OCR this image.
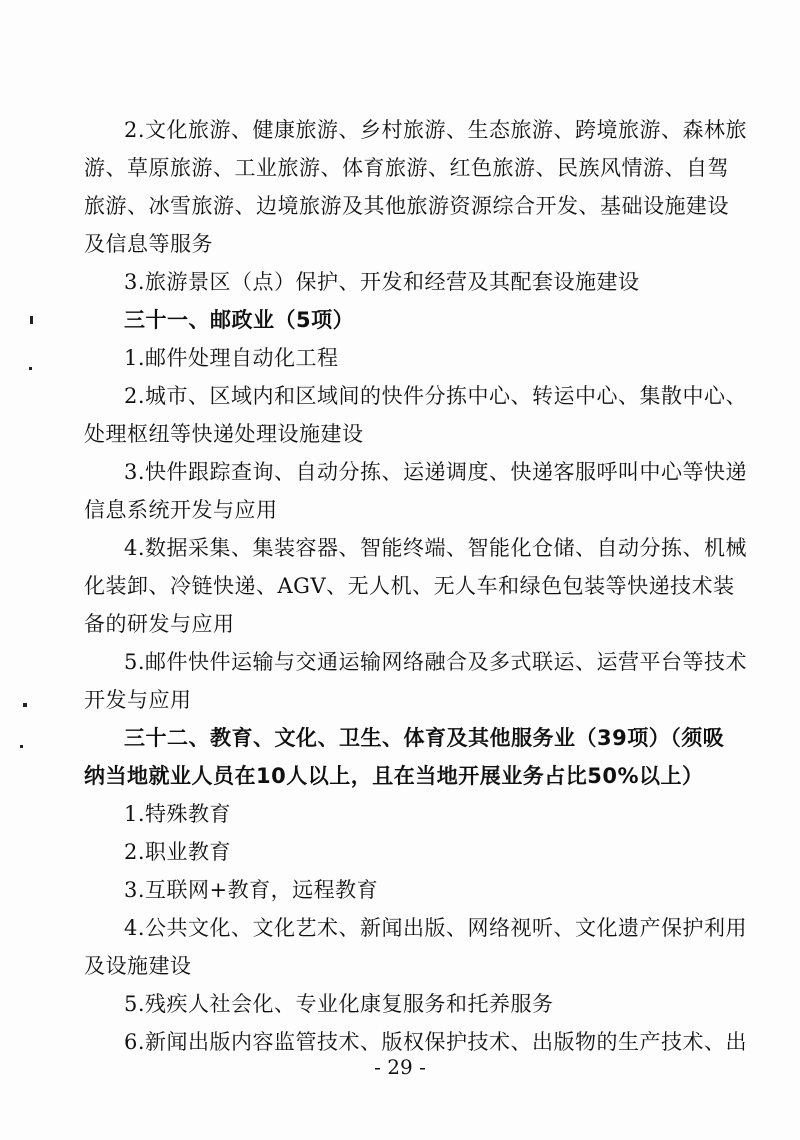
2.文化旅游、健康旅游、乡村旅游、生态旅游、跨境旅游、森林旅
游、草原旅游、工业旅游、体育旅游、红色旅游、民族风情游、自驾
旅游、冰雪旅游、边境旅游及其他旅游资源综合开发、基础设施建设
及信息等服务
3.旅游景区（点）保护、开发和经营及其配套设施建设
三十一、邮政业（5项）
1.邮件处理自动化工程
2.城市、区域内和区域间的快件分拣中心、转运中心、集散中心、
处理枢纽等快递处理设施建设
3.快件跟踪查询、自动分拣、运递调度、快递客服呼叫中心等快递
信息系统开发与应用
4.数据采集、集装容器、智能终端、智能化仓储、自动分拣、机械
化装卸、冷链快递、AGV、无人机、无人车和绿色包装等快递技术装
备的研发与应用
5.邮件快件运输与交通运输网络融合及多式联运、运营平台等技术
开发与应用
三十二、教育、文化、卫生、体育及其他服务业（39项）（须吸
纳当地就业人员在10人以上，且在当地开展业务占比50%以上）
1.特殊教育
2.职业教育
3.互联网+教育，远程教育
4.公共文化、文化艺术、新闻出版、网络视听、文化遗产保护利用
及设施建设
5.残疾人社会化、专业化康复服务和托养服务
6.新闻出版内容监管技术、版权保护技术、出版物的生产技术、出
- 29 -
